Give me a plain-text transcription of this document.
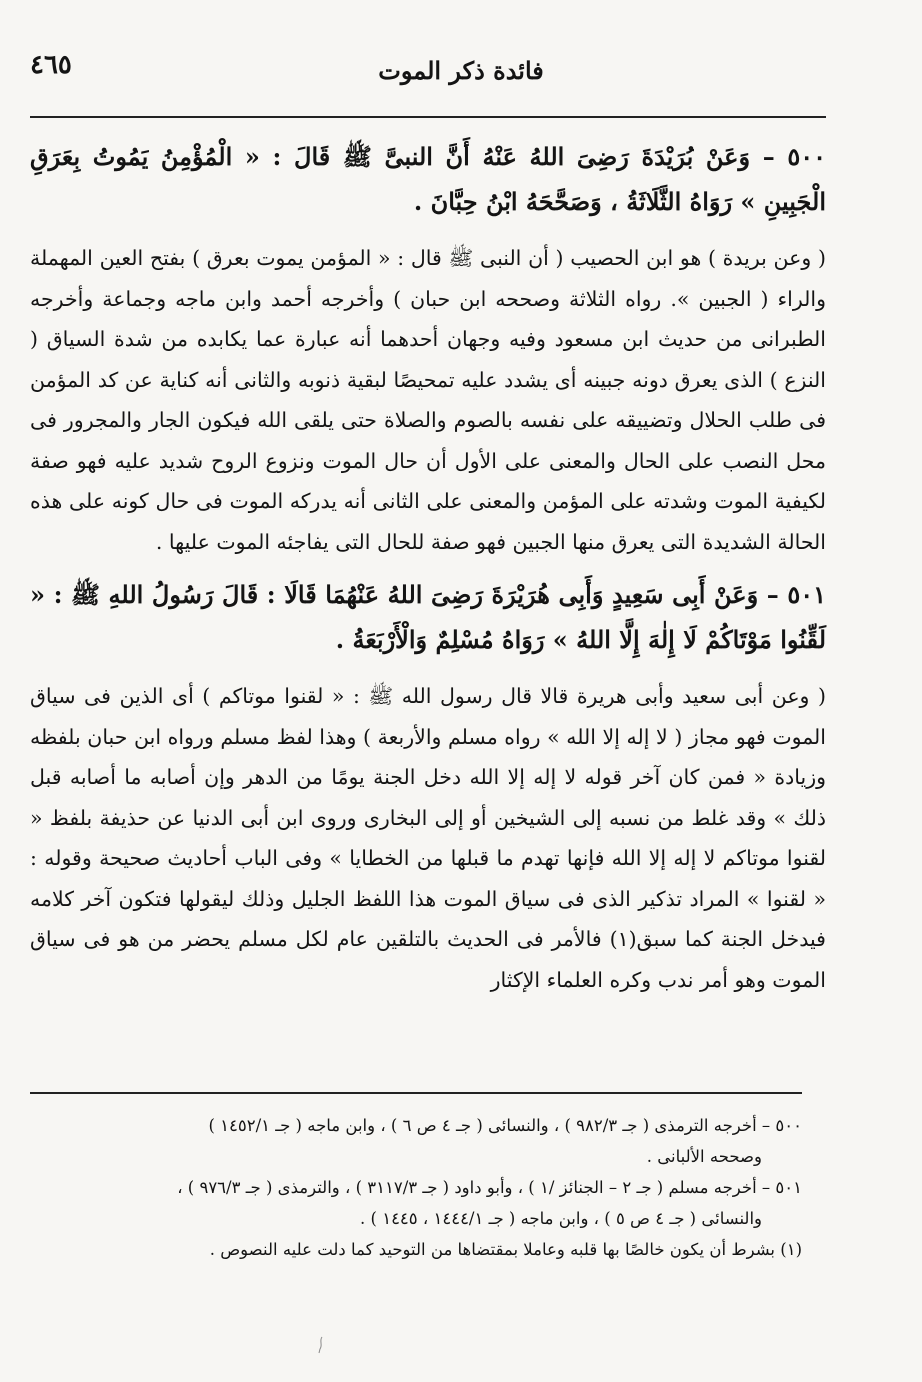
٤٦٥	فائدة ذكر الموت

٥٠٠ – وَعَنْ بُرَيْدَةَ رَضِىَ اللهُ عَنْهُ أَنَّ النبىَّ ﷺ قَالَ : « الْمُؤْمِنُ يَمُوتُ بِعَرَقِ الْجَبِينِ » رَوَاهُ الثَّلَاثَةُ ، وَصَحَّحَهُ ابْنُ حِبَّانَ .

( وعن بريدة ) هو ابن الحصيب ( أن النبى ﷺ قال : « المؤمن يموت بعرق ) بفتح العين المهملة والراء ( الجبين ». رواه الثلاثة وصححه ابن حبان ) وأخرجه أحمد وابن ماجه وجماعة وأخرجه الطبرانى من حديث ابن مسعود وفيه وجهان أحدهما أنه عبارة عما يكابده من شدة السياق ( النزع ) الذى يعرق دونه جبينه أى يشدد عليه تمحيصًا لبقية ذنوبه والثانى أنه كناية عن كد المؤمن فى طلب الحلال وتضييقه على نفسه بالصوم والصلاة حتى يلقى الله فيكون الجار والمجرور فى محل النصب على الحال والمعنى على الأول أن حال الموت ونزوع الروح شديد عليه فهو صفة لكيفية الموت وشدته على المؤمن والمعنى على الثانى أنه يدركه الموت فى حال كونه على هذه الحالة الشديدة التى يعرق منها الجبين فهو صفة للحال التى يفاجئه الموت عليها .

٥٠١ – وَعَنْ أَبِى سَعِيدٍ وَأَبِى هُرَيْرَةَ رَضِىَ اللهُ عَنْهُمَا قَالَا : قَالَ رَسُولُ اللهِ ﷺ : « لَقِّنُوا مَوْتَاكُمْ لَا إِلٰهَ إِلَّا اللهُ » رَوَاهُ مُسْلِمٌ وَالْأَرْبَعَةُ .

( وعن أبى سعيد وأبى هريرة قالا قال رسول الله ﷺ : « لقنوا موتاكم ) أى الذين فى سياق الموت فهو مجاز ( لا إله إلا الله » رواه مسلم والأربعة ) وهذا لفظ مسلم ورواه ابن حبان بلفظه وزيادة « فمن كان آخر قوله لا إله إلا الله دخل الجنة يومًا من الدهر وإن أصابه ما أصابه قبل ذلك » وقد غلط من نسبه إلى الشيخين أو إلى البخارى وروى ابن أبى الدنيا عن حذيفة بلفظ « لقنوا موتاكم لا إله إلا الله فإنها تهدم ما قبلها من الخطايا » وفى الباب أحاديث صحيحة وقوله : « لقنوا » المراد تذكير الذى فى سياق الموت هذا اللفظ الجليل وذلك ليقولها فتكون آخر كلامه فيدخل الجنة كما سبق(١) فالأمر فى الحديث بالتلقين عام لكل مسلم يحضر من هو فى سياق الموت وهو أمر ندب وكره العلماء الإكثار

٥٠٠ – أخرجه الترمذى ( جـ ٩٨٢/٣ ) ، والنسائى ( جـ ٤ ص ٦ ) ، وابن ماجه ( جـ ١٤٥٢/١ )

وصححه الألبانى .

٥٠١ – أخرجه مسلم ( جـ ٢ – الجنائز /١ ) ، وأبو داود ( جـ ٣١١٧/٣ ) ، والترمذى ( جـ ٩٧٦/٣ ) ،

والنسائى ( جـ ٤ ص ٥ ) ، وابن ماجه ( جـ ١٤٤٤/١ ، ١٤٤٥ ) .

(١) بشرط أن يكون خالصًا بها قلبه وعاملا بمقتضاها من التوحيد كما دلت عليه النصوص .
